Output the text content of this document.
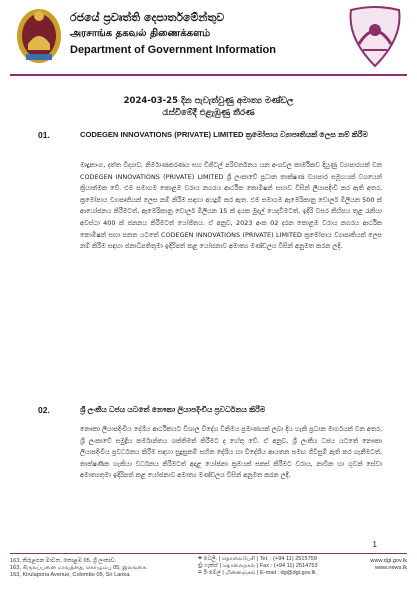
රජයේ ප්‍රවෘත්ති දෙපාර්තමේන්තුව
அரசாங்க தகவல் திணைக்களம்
Department of Government Information
2024-03-25 දින පැවැත්වුණු අමාත්‍ය මණ්ඩල
රැස්වීමේදී එළැඹුණු තීරණ
01.	CODEGEN INNOVATIONS (PRIVATE) LIMITED ක්‍රමෝපාය ව්‍යාපෘතියක් ලෙස නම් කිරීම
මෘදුකාංග, දත්ත විද්‍යාව, නිර්මාණකරණය සහ ඩිජිටල් පරිවර්තනය යන අංශවල කාර්මිකව දියුණු ව්‍යාපාරයක් වන CODEGEN INNOVATIONS (PRIVATE) LIMITED ශ්‍රී ලංකාවේ ප්‍රධාන තාක්ෂණ ව්‍යාපාර සමූහයක් වශයෙන් ක්‍රියාත්මක වේ. එම සමාගම කොළඹ වරාය නගරය ආර්ථික කොමිෂන් සභාව විසින් ලියාපදිංචි කර ඇති අතර, ක්‍රමෝපාය ව්‍යාපෘතියක් ලෙස නම් කිරීම සඳහා අයදුම් කර ඇත. එම සමාගම ඇමෙරිකානු ඩොලර් මිලියන 500 ක් ආයෝජනය කිරීමටත්, ඇමෙරිකානු ඩොලර් මිලියන 15 ක් දායක මුදල් යෙදවීමටත්, ඉදිරි වසර කිහිපය තුළ රැකියා අවස්ථා 400 ක් ජනනය කිරීමටත් යෝජිතය. ඒ අනුව, 2023 අංක 02 දරන කොළඹ වරාය නගරය ආර්ථික කොමිෂන් සභා පනත යටතේ CODEGEN INNOVATIONS (PRIVATE) LIMITED ක්‍රමෝපාය ව්‍යාපෘතියක් ලෙස නම් කිරීම සඳහා ජනාධිපතිතුමා ඉදිරිපත් කළ යෝජනාව අමාත්‍ය මණ්ඩලය විසින් අනුමත කරන ලදී.
02.	ශ්‍රී ලංකීය ධජය යටතේ නෞකා ලියාපදිංචිය ප්‍රවර්ධනය කිරීම
නෞකා ලියාපදිංචිය දේශීය ආර්ථිකයට විශාල විදේශ විනිමය ප්‍රමාණයක් ලබා දිය හැකි ප්‍රධාන මාර්ගයක් වන අතර, ශ්‍රී ලංකාවේ සමුද්‍රීය කර්මාන්තය ශක්තිමත් කිරීමට ද හේතු වේ. ඒ අනුව, ශ්‍රී ලංකීය ධජය යටතේ නෞකා ලියාපදිංචිය ප්‍රවර්ධනය කිරීම සඳහා සුදුසුකම් සහිත දේශීය හා විදේශීය ආයතන සමඟ ගිවිසුම් ඇති කර ගැනීමටත්, තාක්ෂණික හැකියා වර්ධනය කිරීමටත් අදාළ යෝජනා ක්‍රමයක් සකස් කිරීමට වරාය, නාවික හා ගුවන් සේවා අමාත්‍යතුමා ඉදිරිපත් කළ යෝජනාව අමාත්‍ය මණ්ඩලය විසින් අනුමත කරන ලදී.
1
163, කිරුළපන මාවත, කොළඹ 05, ශ්‍රී ලංකාව.
163, கிருலப்பனை மாவத்தை, கொழும்பு 05, இலங்கை.
163, Kirulapona Avenue, Colombo 05, Sri Lanka.
☏ ටෙලි. | தொலைபேசி | Tel. : (+94 11) 2515759
⎙ ෆැක්ස් | தொலைநகல் | Fax : (+94 11) 2514753
✉ ඊ-මේල් | மின்னஞ்சல் | E-mail : dg@dgi.gov.lk
www.dgi.gov.lk
www.news.lk
